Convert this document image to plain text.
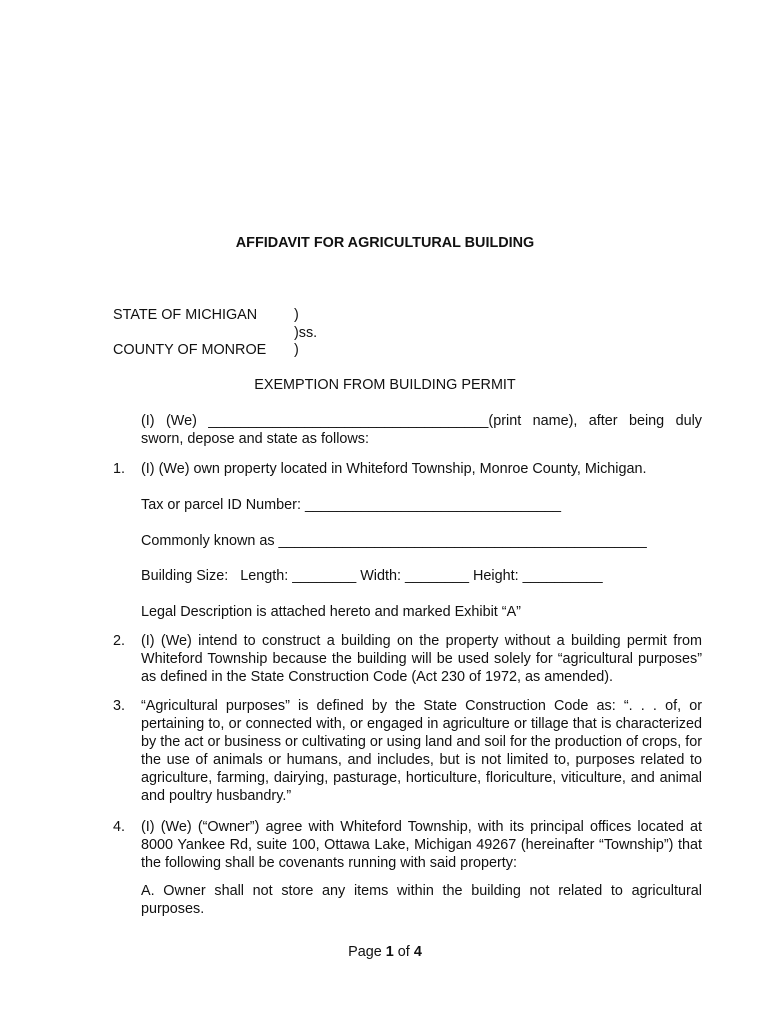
AFFIDAVIT FOR AGRICULTURAL BUILDING
STATE OF MICHIGAN	)
)ss.
COUNTY OF MONROE )
EXEMPTION FROM BUILDING PERMIT
(I) (We) ___________________________________(print name), after being duly sworn, depose and state as follows:
1. (I) (We) own property located in Whiteford Township, Monroe County, Michigan.
Tax or parcel ID Number: ________________________________
Commonly known as ______________________________________________
Building Size:   Length: ________ Width: ________ Height: __________
Legal Description is attached hereto and marked Exhibit “A”
2. (I) (We) intend to construct a building on the property without a building permit from Whiteford Township because the building will be used solely for “agricultural purposes” as defined in the State Construction Code (Act 230 of 1972, as amended).
3. “Agricultural purposes” is defined by the State Construction Code as: “. . . of, or pertaining to, or connected with, or engaged in agriculture or tillage that is characterized by the act or business or cultivating or using land and soil for the production of crops, for the use of animals or humans, and includes, but is not limited to, purposes related to agriculture, farming, dairying, pasturage, horticulture, floriculture, viticulture, and animal and poultry husbandry.”
4. (I) (We) (“Owner”) agree with Whiteford Township, with its principal offices located at 8000 Yankee Rd, suite 100, Ottawa Lake, Michigan 49267 (hereinafter “Township”) that the following shall be covenants running with said property:
A. Owner shall not store any items within the building not related to agricultural purposes.
Page 1 of 4
